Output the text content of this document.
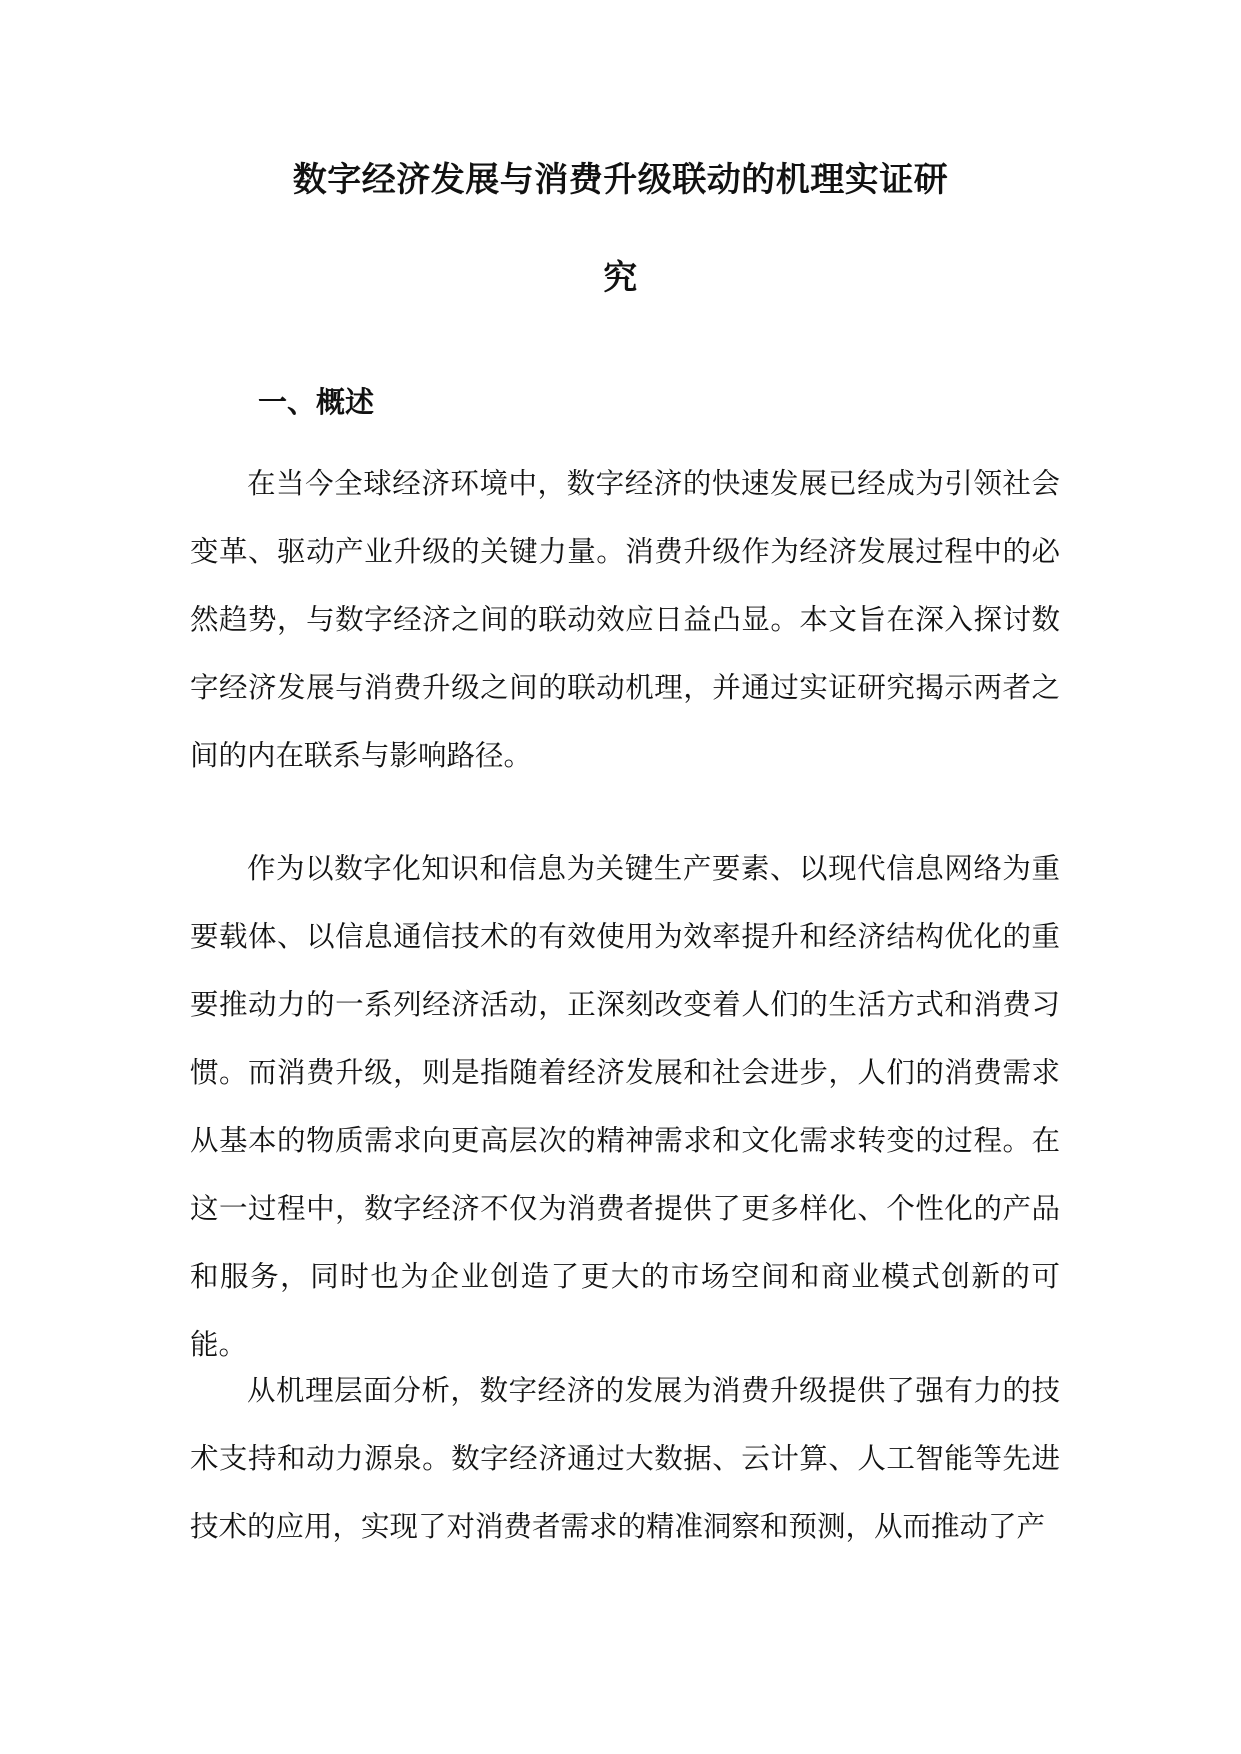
数字经济发展与消费升级联动的机理实证研
究
一、概述

在当今全球经济环境中，数字经济的快速发展已经成为引领社会变革、驱动产业升级的关键力量。消费升级作为经济发展过程中的必然趋势，与数字经济之间的联动效应日益凸显。本文旨在深入探讨数字经济发展与消费升级之间的联动机理，并通过实证研究揭示两者之间的内在联系与影响路径。

作为以数字化知识和信息为关键生产要素、以现代信息网络为重要载体、以信息通信技术的有效使用为效率提升和经济结构优化的重要推动力的一系列经济活动，正深刻改变着人们的生活方式和消费习惯。而消费升级，则是指随着经济发展和社会进步，人们的消费需求从基本的物质需求向更高层次的精神需求和文化需求转变的过程。在这一过程中，数字经济不仅为消费者提供了更多样化、个性化的产品和服务，同时也为企业创造了更大的市场空间和商业模式创新的可能。

从机理层面分析，数字经济的发展为消费升级提供了强有力的技术支持和动力源泉。数字经济通过大数据、云计算、人工智能等先进技术的应用，实现了对消费者需求的精准洞察和预测，从而推动了产
